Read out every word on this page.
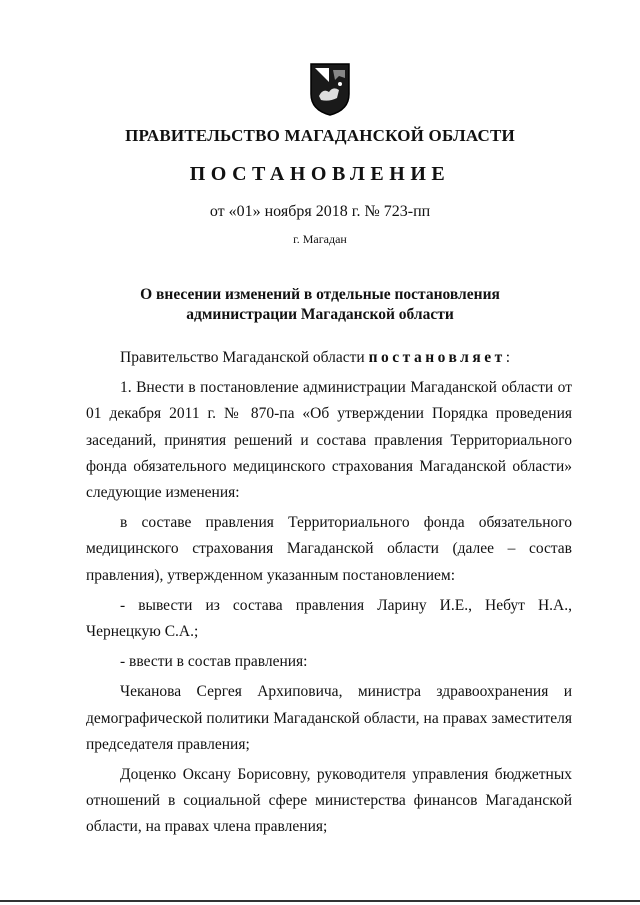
ПРАВИТЕЛЬСТВО МАГАДАНСКОЙ ОБЛАСТИ
ПОСТАНОВЛЕНИЕ
от «01» ноября 2018 г. № 723-пп
г. Магадан
О внесении изменений в отдельные постановления
администрации Магаданской области

Правительство Магаданской области постановляет:

1. Внести в постановление администрации Магаданской области от 01 декабря 2011 г. № 870-па «Об утверждении Порядка проведения заседаний, принятия решений и состава правления Территориального фонда обязательного медицинского страхования Магаданской области» следующие изменения:

в составе правления Территориального фонда обязательного медицинского страхования Магаданской области (далее – состав правления), утвержденном указанным постановлением:

- вывести из состава правления Ларину И.Е., Небут Н.А., Чернецкую С.А.;

- ввести в состав правления:

Чеканова Сергея Архиповича, министра здравоохранения и демографической политики Магаданской области, на правах заместителя председателя правления;

Доценко Оксану Борисовну, руководителя управления бюджетных отношений в социальной сфере министерства финансов Магаданской области, на правах члена правления;
